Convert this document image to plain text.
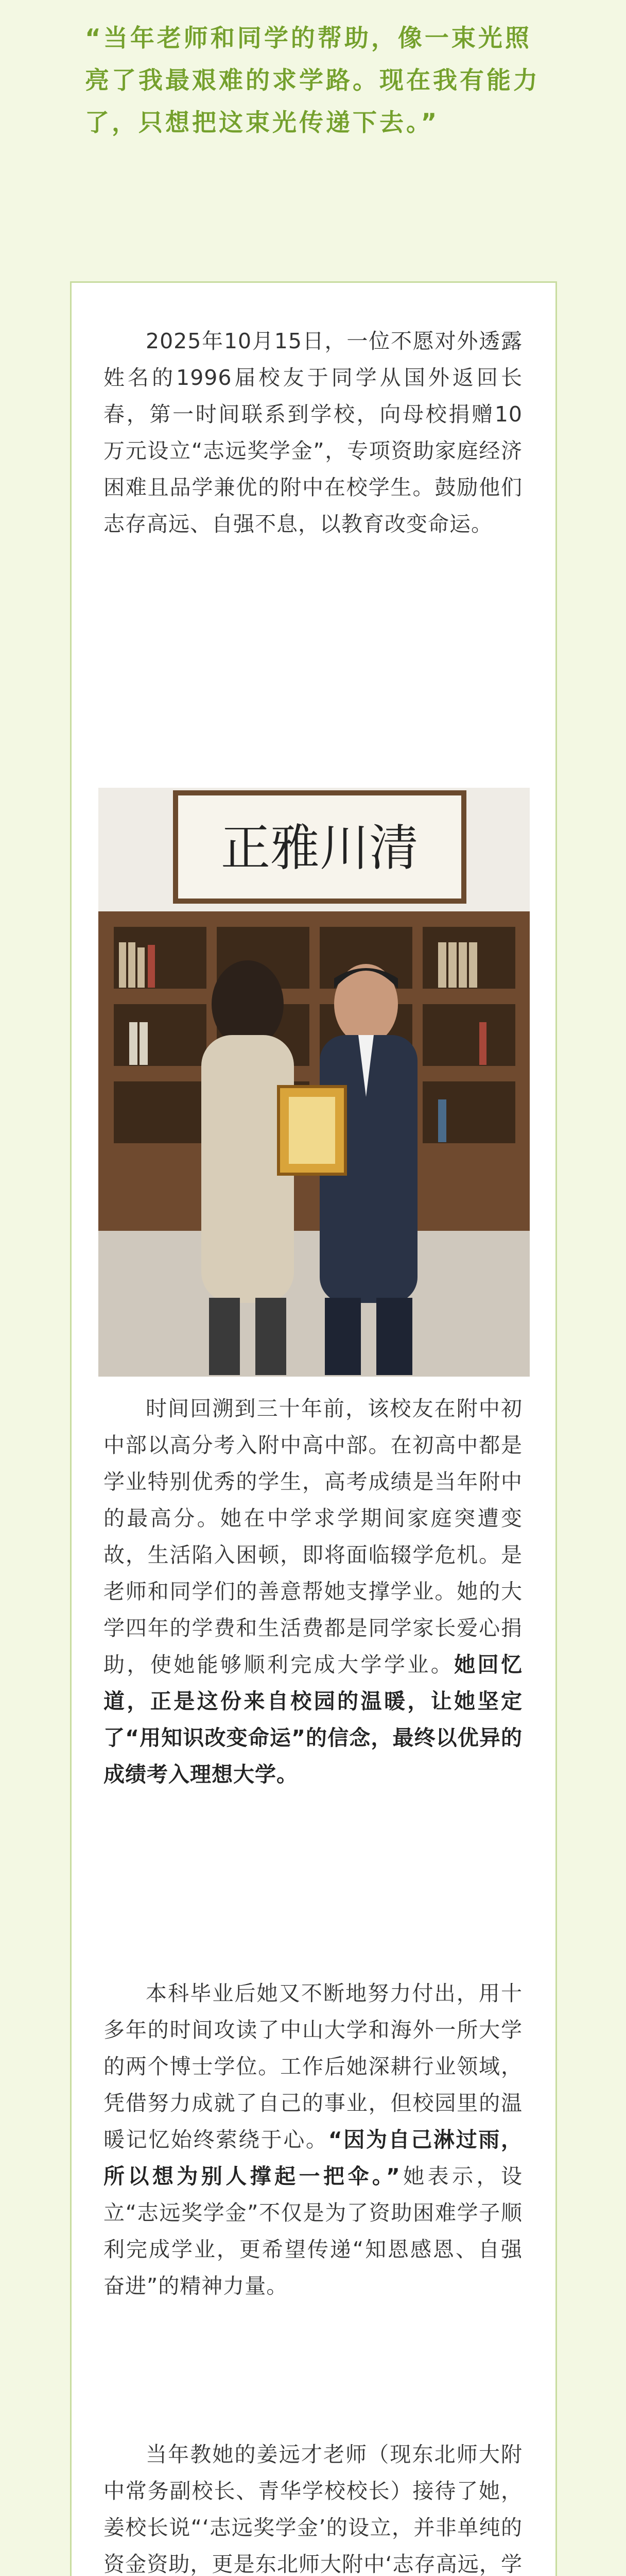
“当年老师和同学的帮助，像一束光照亮了我最艰难的求学路。现在我有能力了，只想把这束光传递下去。”

2025年10月15日，一位不愿对外透露姓名的1996届校友于同学从国外返回长春，第一时间联系到学校，向母校捐赠10 万元设立“志远奖学金”，专项资助家庭经济困难且品学兼优的附中在校学生。鼓励他们志存高远、自强不息，以教育改变命运。

正雅川清

时间回溯到三十年前，该校友在附中初中部以高分考入附中高中部。在初高中都是学业特别优秀的学生，高考成绩是当年附中的最高分。她在中学求学期间家庭突遭变故，生活陷入困顿，即将面临辍学危机。是老师和同学们的善意帮她支撑学业。她的大学四年的学费和生活费都是同学家长爱心捐助，使她能够顺利完成大学学业。她回忆道，正是这份来自校园的温暖，让她坚定了“用知识改变命运”的信念，最终以优异的成绩考入理想大学。

本科毕业后她又不断地努力付出，用十多年的时间攻读了中山大学和海外一所大学的两个博士学位。工作后她深耕行业领域，凭借努力成就了自己的事业，但校园里的温暖记忆始终萦绕于心。“因为自己淋过雨，所以想为别人撑起一把伞。”她表示，设立“志远奖学金”不仅是为了资助困难学子顺利完成学业，更希望传递“知恩感恩、自强奋进”的精神力量。

当年教她的姜远才老师（现东北师大附中常务副校长、青华学校校长）接待了她，姜校长说“‘志远奖学金’的设立，并非单纯的资金资助，更是东北师大附中‘志存高远，学
